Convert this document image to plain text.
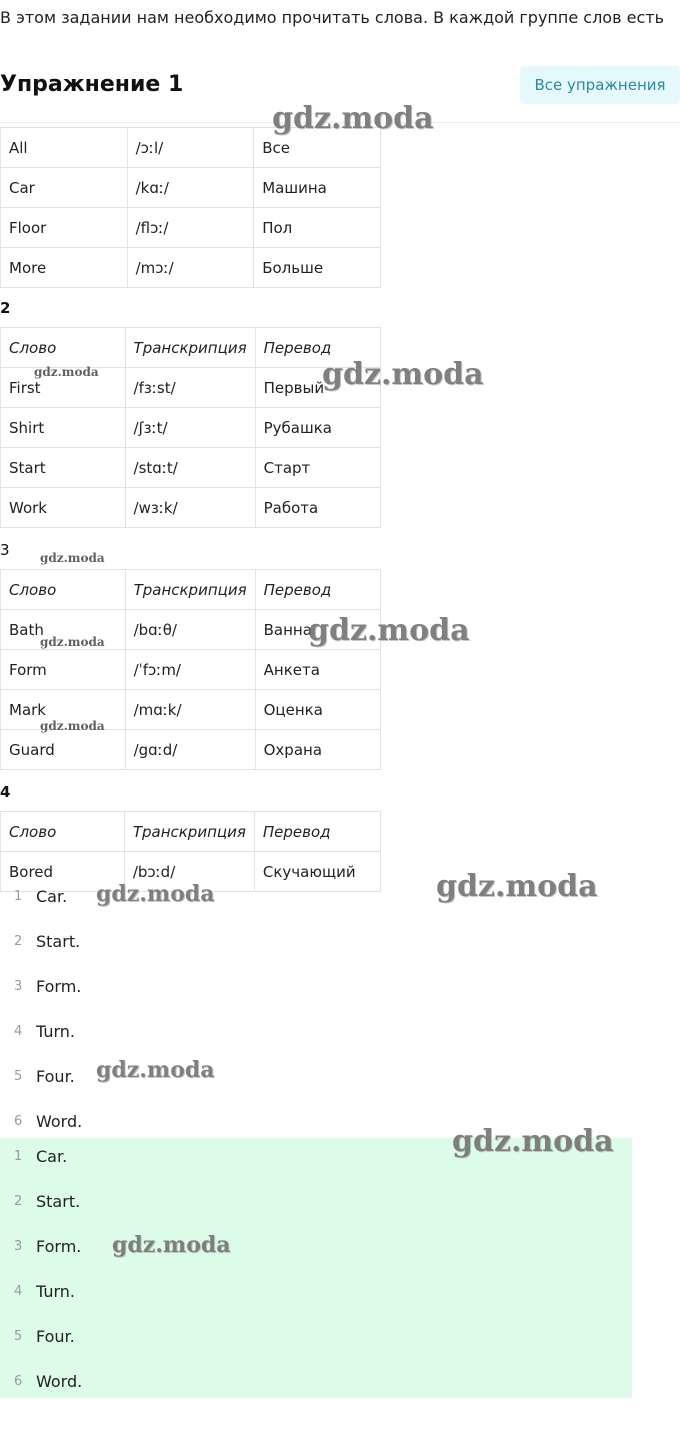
В этом задании нам необходимо прочитать слова. В каждой группе слов есть
Упражнение 1	Все упражнения
All	/ɔːl/	Все
Car	/kɑː/	Машина
Floor	/flɔː/	Пол
More	/mɔː/	Больше
2
Слово	Транскрипция	Перевод
First	/fɜːst/	Первый
Shirt	/ʃɜːt/	Рубашка
Start	/stɑːt/	Старт
Work	/wɜːk/	Работа
3
Слово	Транскрипция	Перевод
Bath	/bɑːθ/	Ванна
Form	/ˈfɔːm/	Анкета
Mark	/mɑːk/	Оценка
Guard	/gɑːd/	Охрана
4
Слово	Транскрипция	Перевод
Bored	/bɔːd/	Скучающий
gdz.moda
gdz.moda
gdz.moda
gdz.moda
gdz.moda
gdz.moda
gdz.moda
1 Car.
2 Start.
3 Form.
4 Turn.
5 Four.
6 Word.
gdz.moda	gdz.moda
gdz.moda
1 Car.
2 Start.
3 Form.
4 Turn.
5 Four.
6 Word.
gdz.moda
gdz.moda
